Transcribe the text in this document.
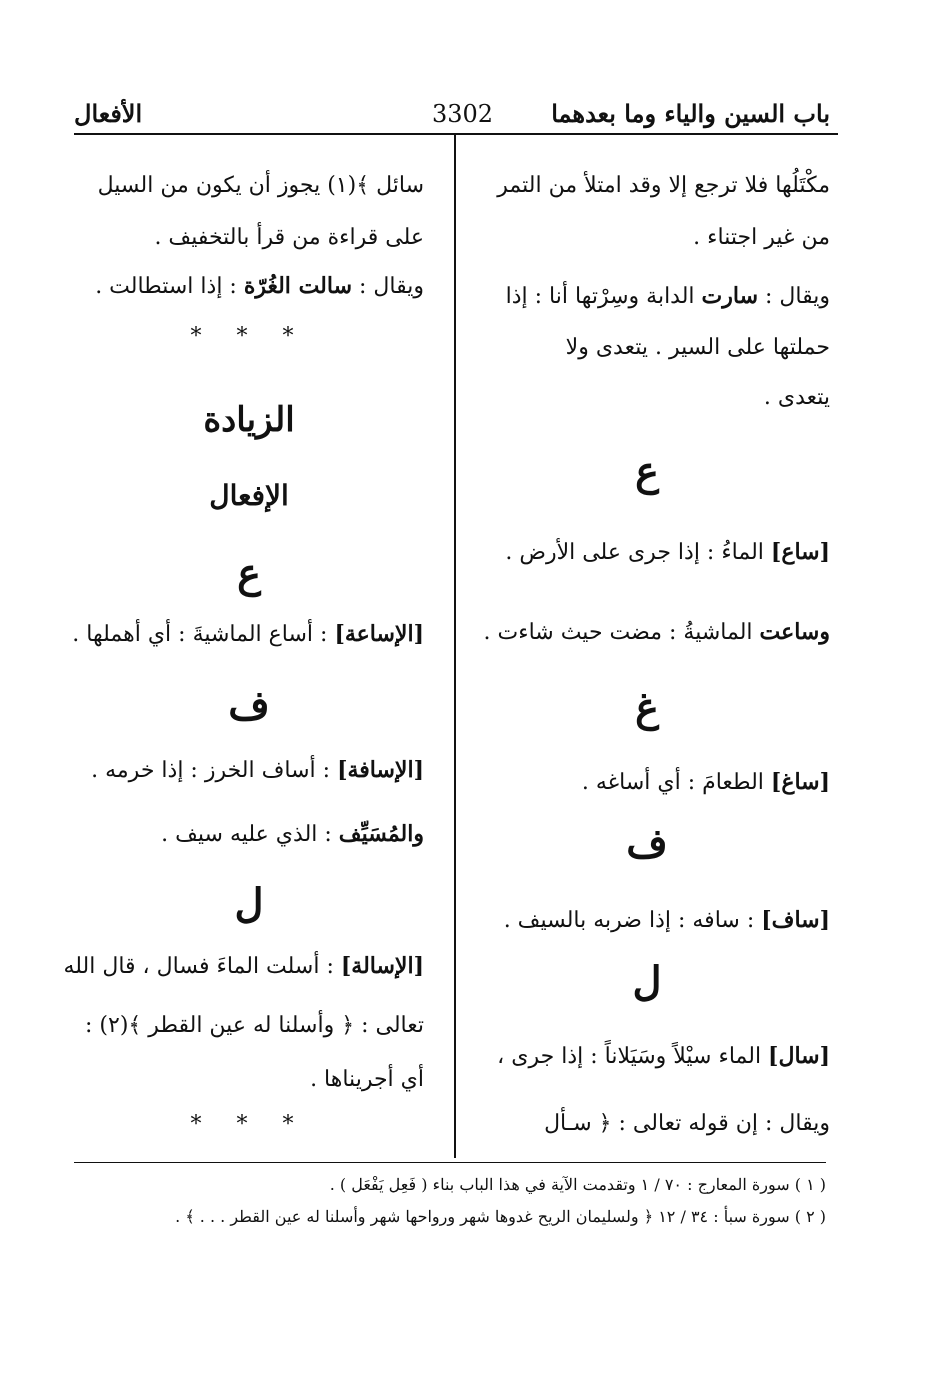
باب السين والياء وما بعدهما
3302
الأفعال
مكْتَلُها فلا ترجع إلا وقد امتلأ من التمر
من غير اجتناء .
ويقال : سارت الدابة وسِرْتها أنا : إذا
حملتها على السير . يتعدى ولا
يتعدى .
ع
[ساع] الماءُ : إذا جرى على الأرض .
وساعت الماشيةُ : مضت حيث شاءت .
غ
[ساغ] الطعامَ : أي أساغه .
ف
[ساف] : سافه : إذا ضربه بالسيف .
ل
[سال] الماء سيْلاً وسَيَلاناً : إذا جرى ،
ويقال : إن قوله تعالى : ﴿ سـأل
سائل ﴾(١) يجوز أن يكون من السيل
على قراءة من قرأ بالتخفيف .
ويقال : سالت الغُرّة : إذا استطالت .
* * *
الزيادة
الإفعال
ع
[الإساعة] : أساع الماشيةَ : أي أهملها .
ف
[الإسافة] : أساف الخرز : إذا خرمه .
والمُسَيِّف : الذي عليه سيف .
ل
[الإسالة] : أسلت الماءَ فسال ، قال الله
تعالى : ﴿ وأسلنا له عين القطر ﴾(٢) :
أي أجريناها .
* * *
( ١ ) سورة المعارج : ٧٠ / ١ وتقدمت الآية في هذا الباب بناء ( فَعِل يَفْعَل ) .
( ٢ ) سورة سبأ : ٣٤ / ١٢ ﴿ ولسليمان الريح غدوها شهر ورواحها شهر وأسلنا له عين القطر . . . ﴾ .
